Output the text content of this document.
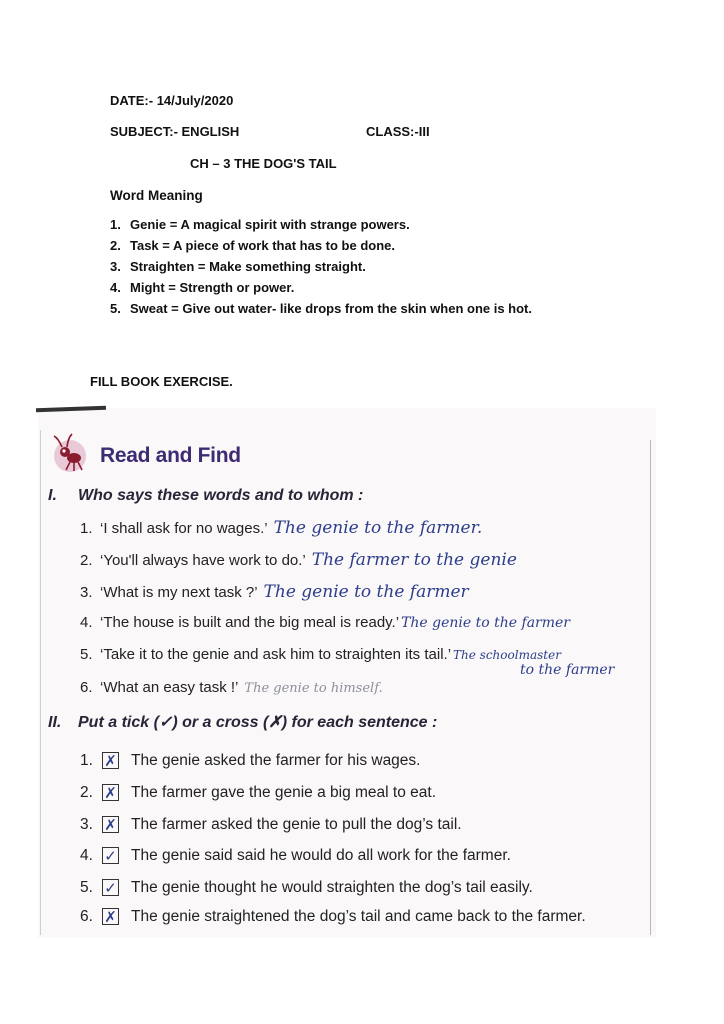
DATE:- 14/July/2020
SUBJECT:- ENGLISH	CLASS:-III
CH – 3 THE DOG'S TAIL
Word Meaning
1. Genie = A magical spirit with strange powers.
2. Task = A piece of work that has to be done.
3. Straighten = Make something straight.
4. Might = Strength or power.
5. Sweat = Give out water- like drops from the skin when one is hot.
FILL BOOK EXERCISE.
Read and Find
I. Who says these words and to whom :
1. ‘I shall ask for no wages.’ The genie to the farmer.
2. ‘You'll always have work to do.’ The farmer to the genie
3. ‘What is my next task ?’ The genie to the farmer
4. ‘The house is built and the big meal is ready.’ The genie to the farmer
5. ‘Take it to the genie and ask him to straighten its tail.’ The schoolmaster
to the farmer
6. ‘What an easy task !’ The genie to himself.
II. Put a tick (✓) or a cross (✗) for each sentence :
1. ✗ The genie asked the farmer for his wages.
2. ✗ The farmer gave the genie a big meal to eat.
3. ✗ The farmer asked the genie to pull the dog’s tail.
4. ✓ The genie said said he would do all work for the farmer.
5. ✓ The genie thought he would straighten the dog’s tail easily.
6. ✗ The genie straightened the dog’s tail and came back to the farmer.
